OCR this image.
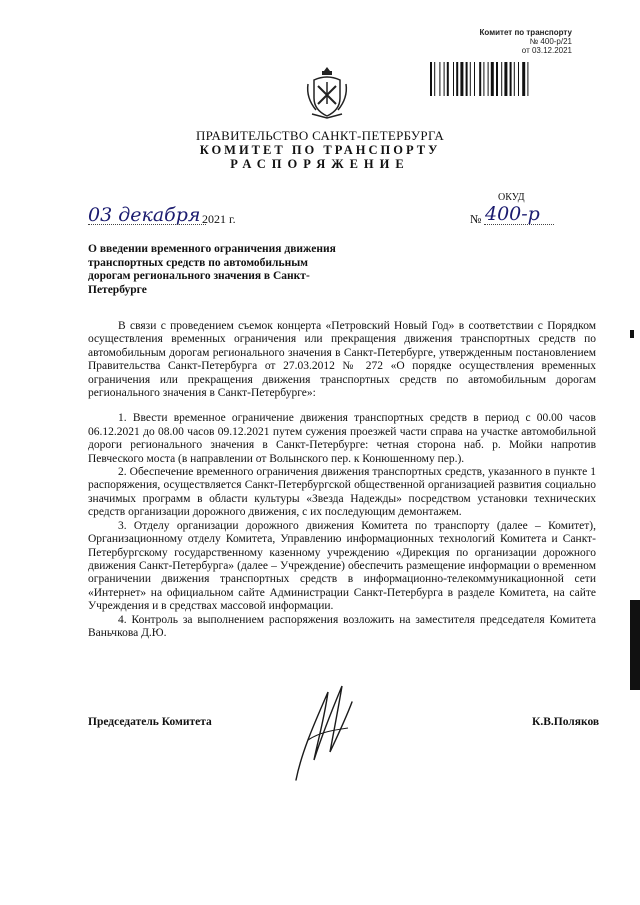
Комитет по транспорту
№ 400-р/21
от 03.12.2021
ПРАВИТЕЛЬСТВО САНКТ-ПЕТЕРБУРГА
КОМИТЕТ ПО ТРАНСПОРТУ
РАСПОРЯЖЕНИЕ
ОКУД
03 декабря 2021 г.	№ 400-р
О введении временного ограничения движения транспортных средств по автомобильным дорогам регионального значения в Санкт-Петербурге

В связи с проведением съемок концерта «Петровский Новый Год» в соответствии с Порядком осуществления временных ограничения или прекращения движения транспортных средств по автомобильным дорогам регионального значения в Санкт-Петербурге, утвержденным постановлением Правительства Санкт-Петербурга от 27.03.2012 № 272 «О порядке осуществления временных ограничения или прекращения движения транспортных средств по автомобильным дорогам регионального значения в Санкт-Петербурге»:

1. Ввести временное ограничение движения транспортных средств в период с 00.00 часов 06.12.2021 до 08.00 часов 09.12.2021 путем сужения проезжей части справа на участке автомобильной дороги регионального значения в Санкт-Петербурге: четная сторона наб. р. Мойки напротив Певческого моста (в направлении от Волынского пер. к Конюшенному пер.).

2. Обеспечение временного ограничения движения транспортных средств, указанного в пункте 1 распоряжения, осуществляется Санкт-Петербургской общественной организацией развития социально значимых программ в области культуры «Звезда Надежды» посредством установки технических средств организации дорожного движения, с их последующим демонтажем.

3. Отделу организации дорожного движения Комитета по транспорту (далее – Комитет), Организационному отделу Комитета, Управлению информационных технологий Комитета и Санкт-Петербургскому государственному казенному учреждению «Дирекция по организации дорожного движения Санкт-Петербурга» (далее – Учреждение) обеспечить размещение информации о временном ограничении движения транспортных средств в информационно-телекоммуникационной сети «Интернет» на официальном сайте Администрации Санкт-Петербурга в разделе Комитета, на сайте Учреждения и в средствах массовой информации.

4. Контроль за выполнением распоряжения возложить на заместителя председателя Комитета Ваньчкова Д.Ю.

Председатель Комитета	К.В.Поляков
